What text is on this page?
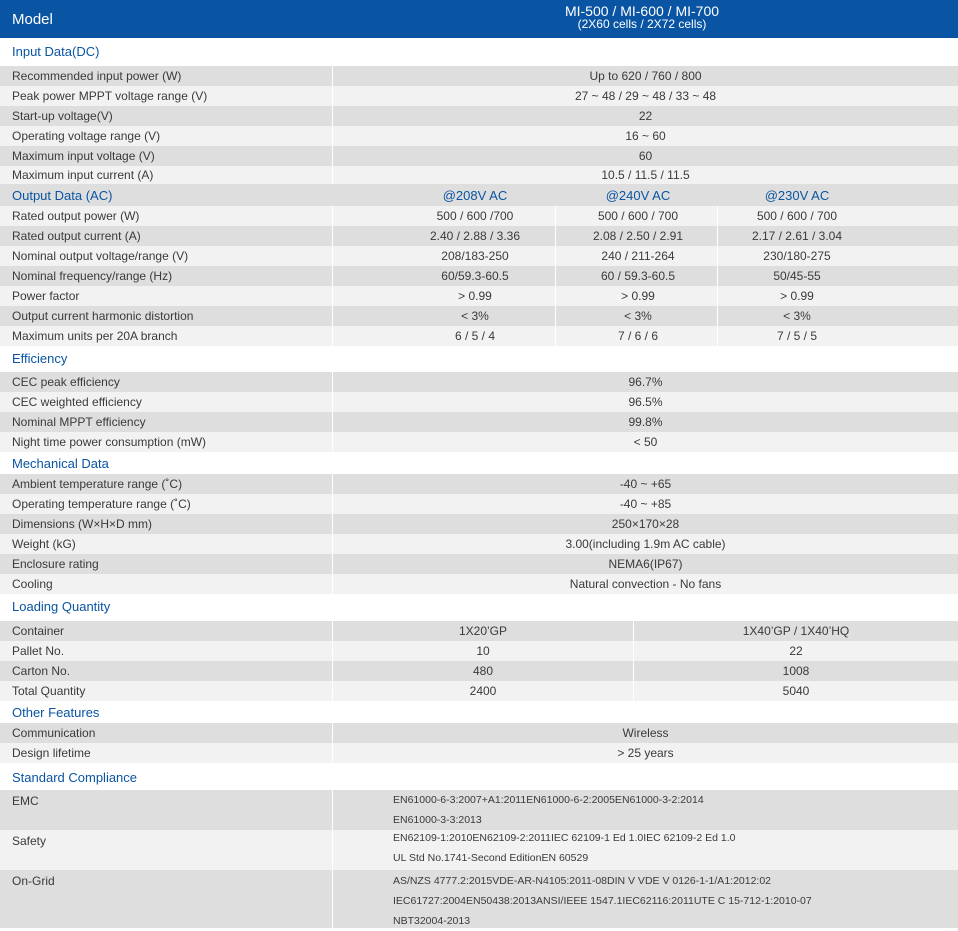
Model	MI-500 / MI-600 / MI-700
(2X60 cells / 2X72 cells)
Input Data(DC)
Recommended input power (W)	Up to 620 / 760 / 800
Peak power MPPT voltage range (V)	27 ~ 48 / 29 ~ 48 / 33 ~ 48
Start-up voltage(V)	22
Operating voltage range (V)	16 ~ 60
Maximum input voltage (V)	60
Maximum input current (A)	10.5 / 11.5 / 11.5
Output Data (AC)	@208V AC	@240V AC	@230V AC
Rated output power (W)	500 / 600 /700	500 / 600 / 700	500 / 600 / 700
Rated output current (A)	2.40 / 2.88 / 3.36	2.08 / 2.50 / 2.91	2.17 / 2.61 / 3.04
Nominal output voltage/range (V)	208/183-250	240 / 211-264	230/180-275
Nominal frequency/range (Hz)	60/59.3-60.5	60 / 59.3-60.5	50/45-55
Power factor	> 0.99	> 0.99	> 0.99
Output current harmonic distortion	< 3%	< 3%	< 3%
Maximum units per 20A branch	6 / 5 / 4	7 / 6 / 6	7 / 5 / 5
Efficiency
CEC peak efficiency	96.7%
CEC weighted efficiency	96.5%
Nominal MPPT efficiency	99.8%
Night time power consumption (mW)	< 50
Mechanical Data
Ambient temperature range (˚C)	-40 ~ +65
Operating temperature range (˚C)	-40 ~ +85
Dimensions (W×H×D mm)	250×170×28
Weight (kG)	3.00(including 1.9m AC cable)
Enclosure rating	NEMA6(IP67)
Cooling	Natural convection - No fans
Loading Quantity
Container	1X20’GP	1X40’GP / 1X40’HQ
Pallet No.	10	22
Carton No.	480	1008
Total Quantity	2400	5040
Other Features
Communication	Wireless
Design lifetime	> 25 years
Standard Compliance
EMC	EN61000-6-3:2007+A1:2011EN61000-6-2:2005EN61000-3-2:2014
EN61000-3-3:2013
Safety	EN62109-1:2010EN62109-2:2011IEC 62109-1 Ed 1.0IEC 62109-2 Ed 1.0
UL Std No.1741-Second EditionEN 60529
On-Grid	AS/NZS 4777.2:2015VDE-AR-N4105:2011-08DIN V VDE V 0126-1-1/A1:2012:02
IEC61727:2004EN50438:2013ANSI/IEEE 1547.1IEC62116:2011UTE C 15-712-1:2010-07
NBT32004-2013
